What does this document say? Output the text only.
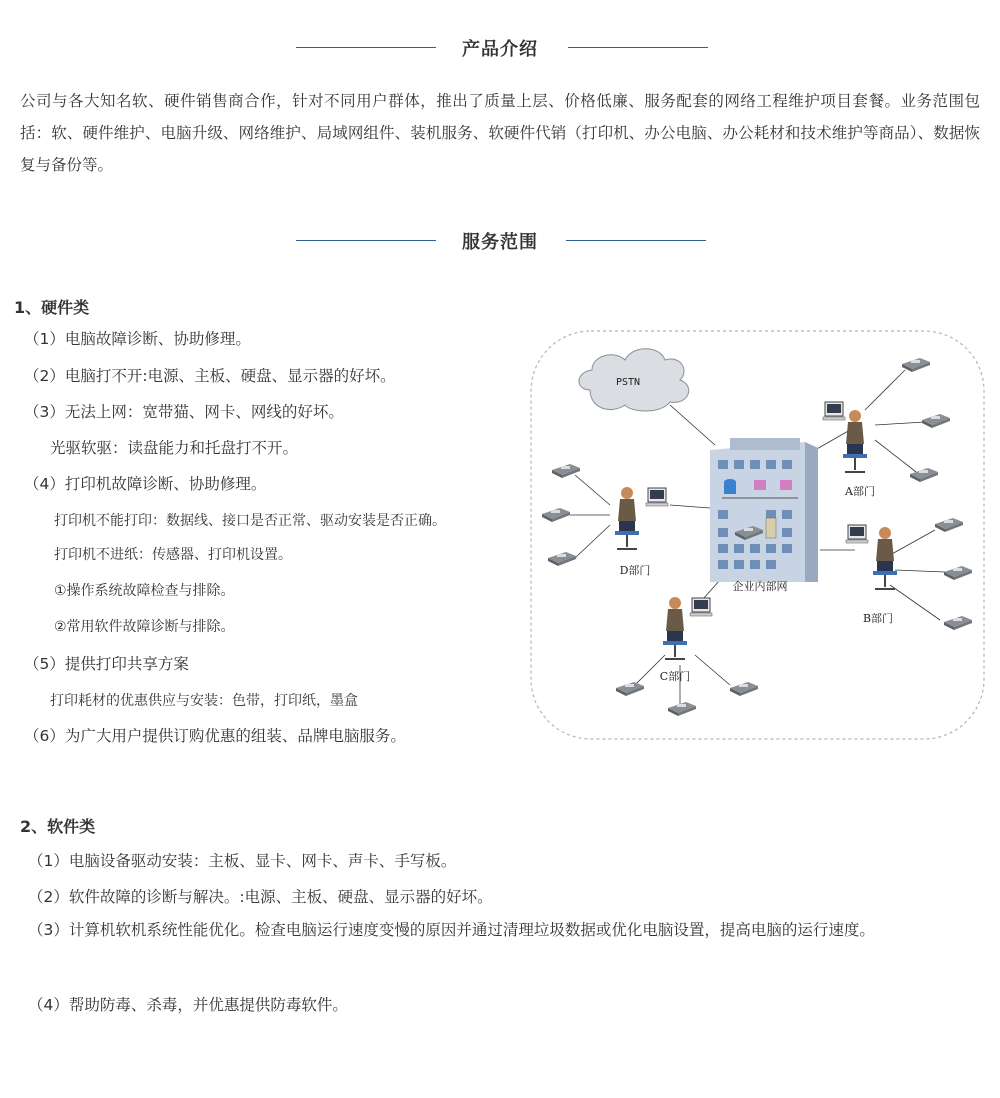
产品介绍
公司与各大知名软、硬件销售商合作，针对不同用户群体，推出了质量上层、价格低廉、服务配套的网络工程维护项目套餐。业务范围包括：软、硬件维护、电脑升级、网络维护、局域网组件、装机服务、软硬件代销（打印机、办公电脑、办公耗材和技术维护等商品）、数据恢复与备份等。
服务范围
1、硬件类
（1）电脑故障诊断、协助修理。
（2）电脑打不开:电源、主板、硬盘、显示器的好坏。
（3）无法上网：宽带猫、网卡、网线的好坏。
光驱软驱：读盘能力和托盘打不开。
（4）打印机故障诊断、协助修理。
打印机不能打印：数据线、接口是否正常、驱动安装是否正确。
打印机不进纸：传感器、打印机设置。
①操作系统故障检查与排除。
②常用软件故障诊断与排除。
（5）提供打印共享方案
打印耗材的优惠供应与安装：色带，打印纸，墨盒
（6）为广大用户提供订购优惠的组装、品牌电脑服务。
PSTN
企业内部网
A部门
B部门
D部门
C部门
2、软件类
（1）电脑设备驱动安装：主板、显卡、网卡、声卡、手写板。
（2）软件故障的诊断与解决。:电源、主板、硬盘、显示器的好坏。
（3）计算机软机系统性能优化。检查电脑运行速度变慢的原因并通过清理垃圾数据或优化电脑设置，提高电脑的运行速度。
（4）帮助防毒、杀毒，并优惠提供防毒软件。
